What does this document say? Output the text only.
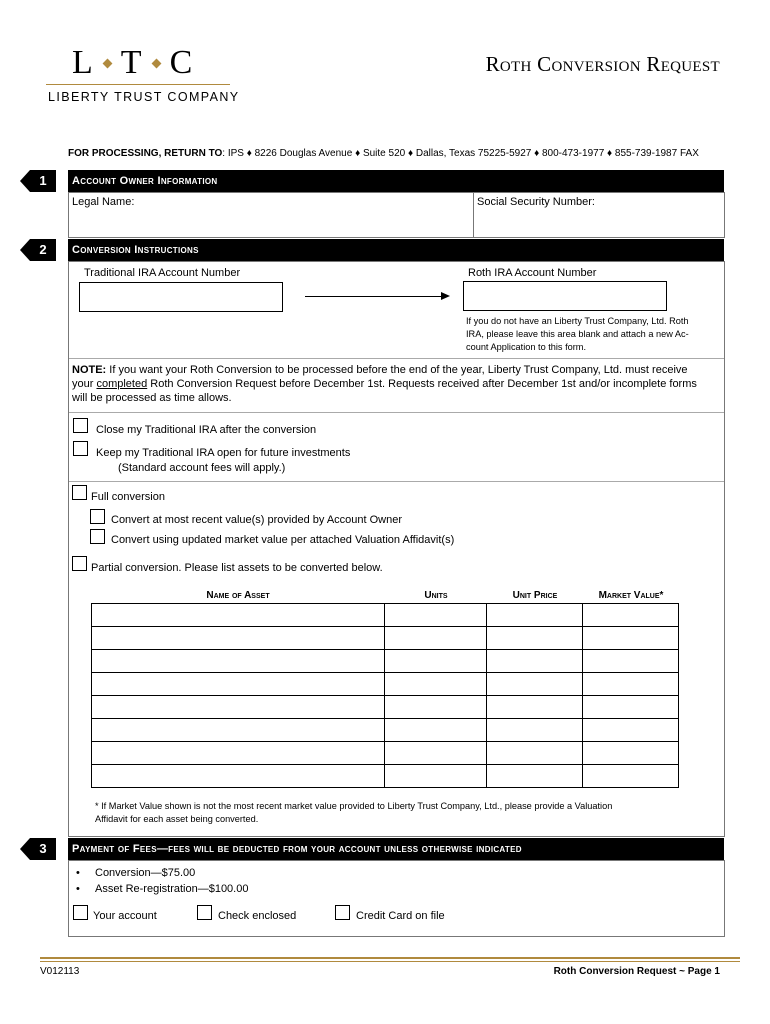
L T C
LIBERTY TRUST COMPANY
Roth Conversion Request
FOR PROCESSING, RETURN TO: IPS ♦ 8226 Douglas Avenue ♦ Suite 520 ♦ Dallas, Texas 75225-5927 ♦ 800-473-1977 ♦ 855-739-1987 FAX
1	Account Owner Information
Legal Name:	Social Security Number:
2	Conversion Instructions
Traditional IRA Account Number	Roth IRA Account Number
If you do not have an Liberty Trust Company, Ltd. Roth
IRA, please leave this area blank and attach a new Ac-
count Application to this form.
NOTE: If you want your Roth Conversion to be processed before the end of the year, Liberty Trust Company, Ltd. must receive
your completed Roth Conversion Request before December 1st. Requests received after December 1st and/or incomplete forms
will be processed as time allows.
Close my Traditional IRA after the conversion
Keep my Traditional IRA open for future investments
(Standard account fees will apply.)
Full conversion
Convert at most recent value(s) provided by Account Owner
Convert using updated market value per attached Valuation Affidavit(s)
Partial conversion. Please list assets to be converted below.
Name of Asset	Units	Unit Price	Market Value*

* If Market Value shown is not the most recent market value provided to Liberty Trust Company, Ltd., please provide a Valuation
Affidavit for each asset being converted.
3	Payment of Fees—fees will be deducted from your account unless otherwise indicated
• Conversion—$75.00
• Asset Re-registration—$100.00
Your account	Check enclosed	Credit Card on file
V012113	Roth Conversion Request ~ Page 1
